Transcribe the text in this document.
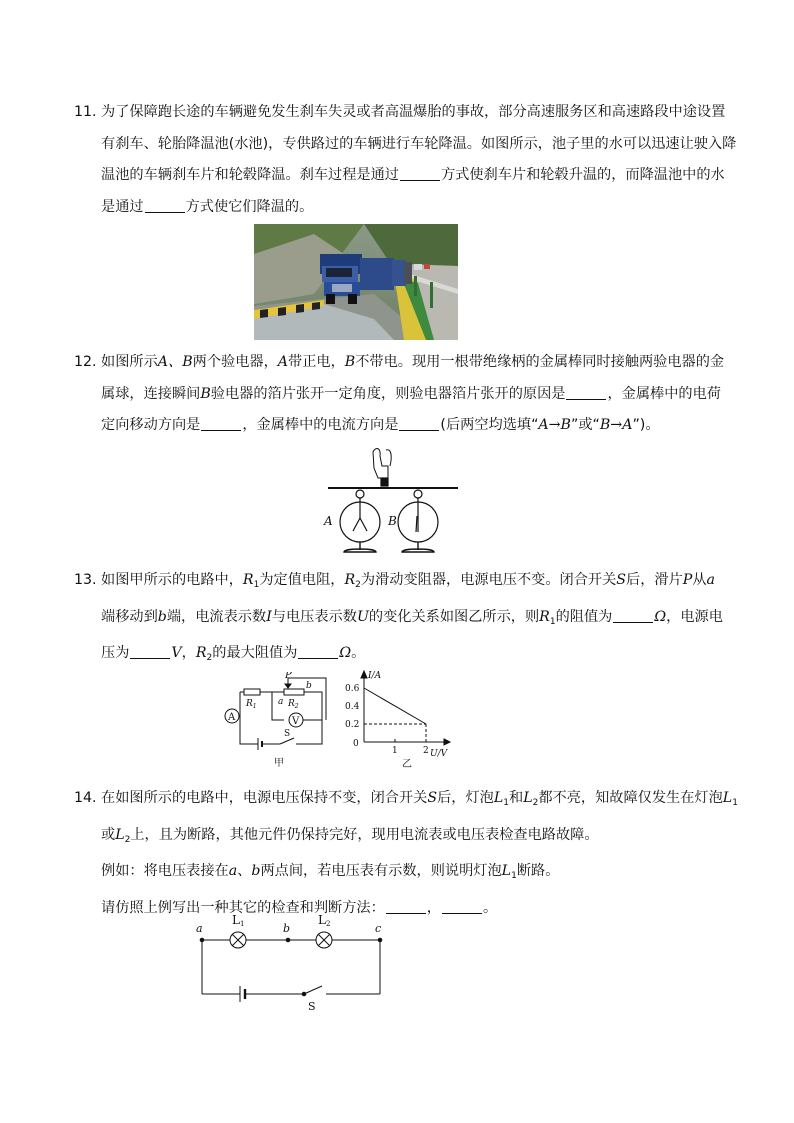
11. 为了保障跑长途的车辆避免发生刹车失灵或者高温爆胎的事故，部分高速服务区和高速路段中途设置
有刹车、轮胎降温池(水池)，专供路过的车辆进行车轮降温。如图所示，池子里的水可以迅速让驶入降
温池的车辆刹车片和轮毂降温。刹车过程是通过	方式使刹车片和轮毂升温的，而降温池中的水
是通过	方式使它们降温的。
12. 如图所示A、B两个验电器，A带正电，B不带电。现用一根带绝缘柄的金属棒同时接触两验电器的金
属球，连接瞬间B验电器的箔片张开一定角度，则验电器箔片张开的原因是	，金属棒中的电荷
定向移动方向是	，金属棒中的电流方向是	(后两空均选填“A→B”或“B→A”)。
A	B
13. 如图甲所示的电路中，$R_1$为定值电阻，$R_2$为滑动变阻器，电源电压不变。闭合开关S后，滑片P从a
端移动到b端，电流表示数I与电压表示数U的变化关系如图乙所示，则$R_1$的阻值为	Ω，电源电
压为	V，$R_2$的最大阻值为	Ω。
A	V
P
a
b
$R_1$	$R_2$
S
甲
I/A
U/V
0.6
0.4
0.2
0
1	2
乙
14. 在如图所示的电路中，电源电压保持不变，闭合开关S后，灯泡$L_1$和$L_2$都不亮，知故障仅发生在灯泡$L_1$
或$L_2$上，且为断路，其他元件仍保持完好，现用电流表或电压表检查电路故障。
例如：将电压表接在a、b两点间，若电压表有示数，则说明灯泡$L_1$断路。
请仿照上例写出一种其它的检查和判断方法：	，	。
a	b	c
L1	L2
S
